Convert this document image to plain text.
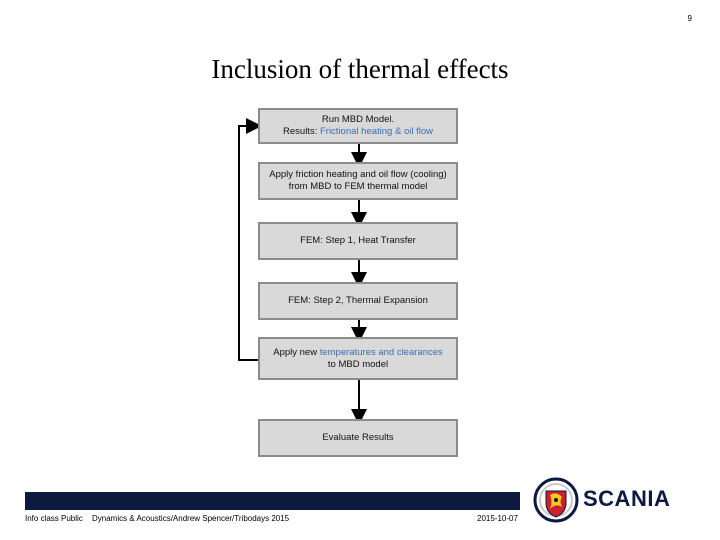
9
Inclusion of thermal effects
Run MBD Model.
Results: Frictional heating & oil flow
Apply friction heating and oil flow (cooling)
from MBD to FEM thermal model
FEM: Step 1, Heat Transfer
FEM: Step 2, Thermal Expansion
Apply new temperatures and clearances
to MBD model
Evaluate Results
Info class Public Dynamics & Acoustics/Andrew Spencer/Tribodays 2015	2015-10-07
SCANIA
